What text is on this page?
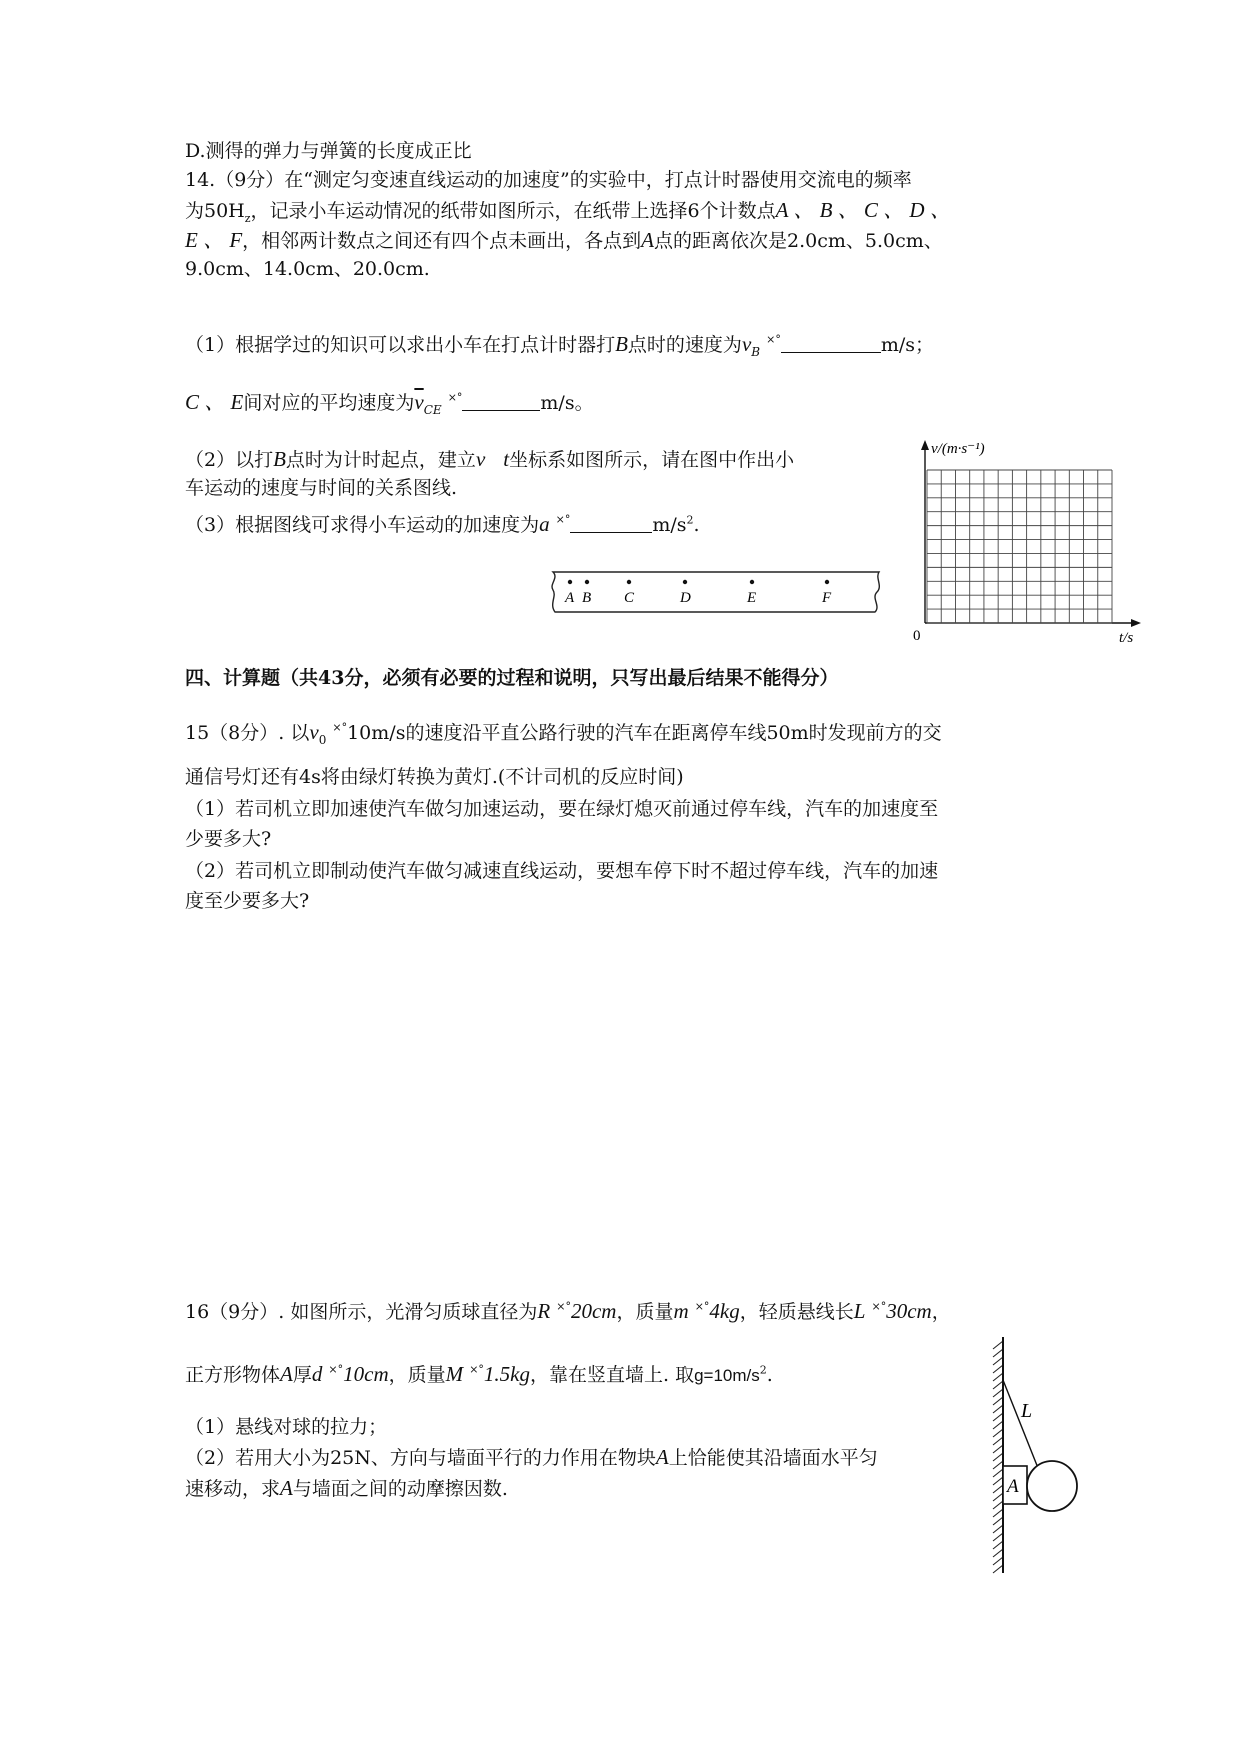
D.测得的弹力与弹簧的长度成正比
14.（9分）在“测定匀变速直线运动的加速度”的实验中，打点计时器使用交流电的频率
为$50H_z$，记录小车运动情况的纸带如图所示，在纸带上选择6个计数点A 、 B 、 C 、 D 、
E 、 F，相邻两计数点之间还有四个点未画出，各点到A点的距离依次是2.0cm、5.0cm、
9.0cm、14.0cm、20.0cm.
（1）根据学过的知识可以求出小车在打点计时器打B点时的速度为$v_B$ ×°	m/s；
C 、 E间对应的平均速度为$\overline{v}_{CE}$ ×°	m/s。
（2）以打B点时为计时起点，建立v t坐标系如图所示，请在图中作出小
车运动的速度与时间的关系图线.
（3）根据图线可求得小车运动的加速度为a ×°	$m/s^2$.
A B C	D	E	F
v/(m·s⁻¹)
0	t/s
四、计算题（共43分，必须有必要的过程和说明，只写出最后结果不能得分）
15（8分）. 以$v_0$ ×°10m/s的速度沿平直公路行驶的汽车在距离停车线50m时发现前方的交
通信号灯还有4s将由绿灯转换为黄灯.(不计司机的反应时间)
（1）若司机立即加速使汽车做匀加速运动，要在绿灯熄灭前通过停车线，汽车的加速度至
少要多大?
（2）若司机立即制动使汽车做匀减速直线运动，要想车停下时不超过停车线，汽车的加速
度至少要多大?
16（9分）. 如图所示，光滑匀质球直径为R ×°20cm，质量m ×°4kg，轻质悬线长L ×°30cm，
正方形物体A厚d ×°10cm，质量M ×°1.5kg，靠在竖直墙上. 取$g=10m/s^2$.
（1）悬线对球的拉力；
（2）若用大小为25N、方向与墙面平行的力作用在物块A上恰能使其沿墙面水平匀
速移动，求A与墙面之间的动摩擦因数.
L
A
